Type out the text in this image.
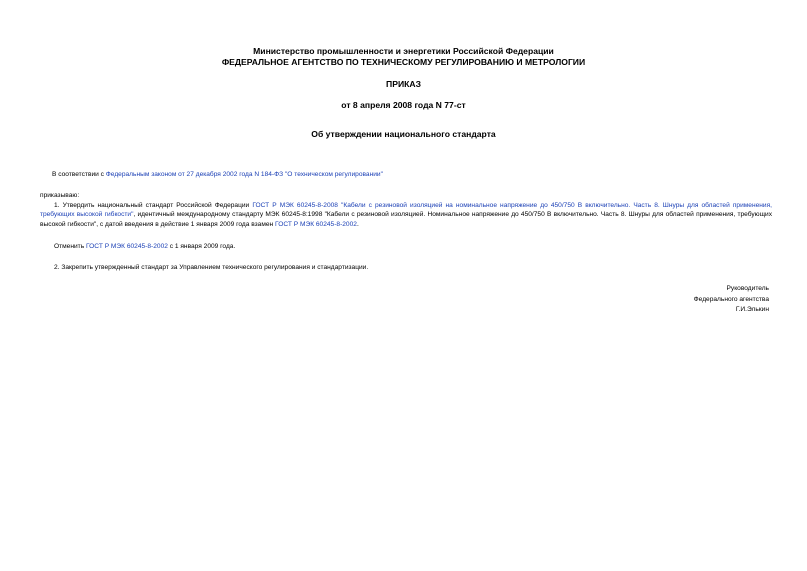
Министерство промышленности и энергетики Российской Федерации
ФЕДЕРАЛЬНОЕ АГЕНТСТВО ПО ТЕХНИЧЕСКОМУ РЕГУЛИРОВАНИЮ И МЕТРОЛОГИИ
ПРИКАЗ
от 8 апреля 2008 года N 77-ст
Об утверждении национального стандарта
В соответствии с Федеральным законом от 27 декабря 2002 года N 184-ФЗ "О техническом регулировании"
приказываю:
1. Утвердить национальный стандарт Российской Федерации ГОСТ Р МЭК 60245-8-2008 "Кабели с резиновой изоляцией на номинальное напряжение до 450/750 В включительно. Часть 8. Шнуры для областей применения, требующих высокой гибкости", идентичный международному стандарту МЭК 60245-8:1998 "Кабели с резиновой изоляцией. Номинальное напряжение до 450/750 В включительно. Часть 8. Шнуры для областей применения, требующих высокой гибкости", с датой введения в действие 1 января 2009 года взамен ГОСТ Р МЭК 60245-8-2002.
Отменить ГОСТ Р МЭК 60245-8-2002 с 1 января 2009 года.
2. Закрепить утвержденный стандарт за Управлением технического регулирования и стандартизации.
Руководитель
Федерального агентства
Г.И.Элькин
